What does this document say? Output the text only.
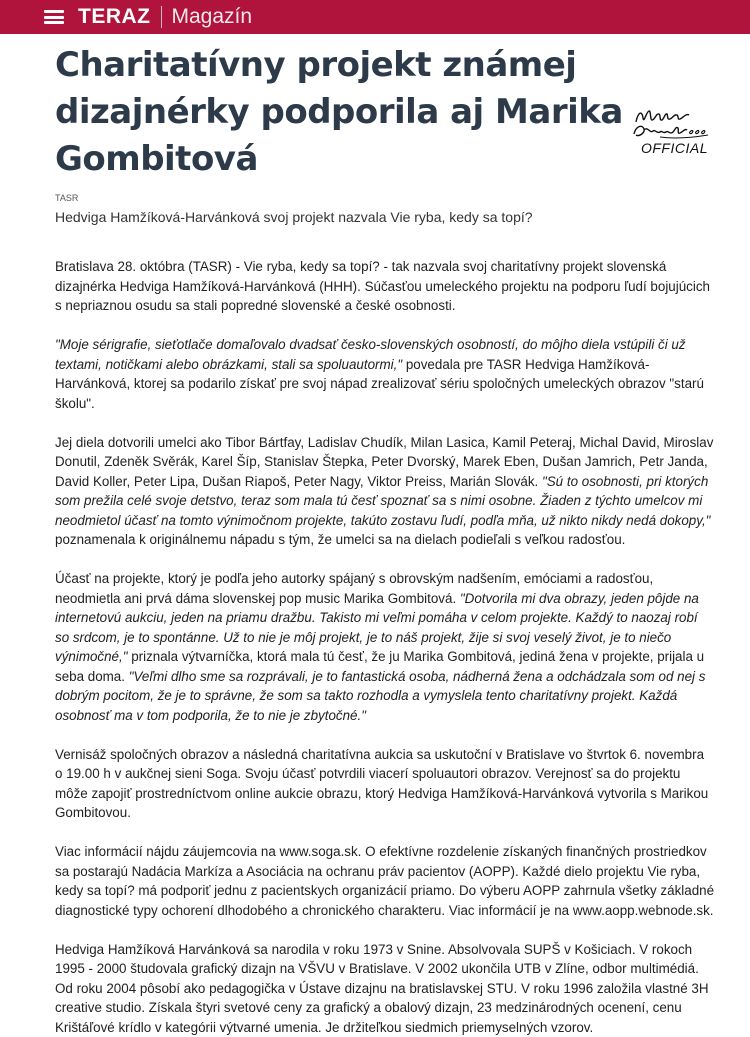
TERAZ Magazín
Charitatívny projekt známej dizajnérky podporila aj Marika Gombitová	OFFICIAL
TASR
Hedviga Hamžíková-Harvánková svoj projekt nazvala Vie ryba, kedy sa topí?

Bratislava 28. októbra (TASR) - Vie ryba, kedy sa topí? - tak nazvala svoj charitatívny projekt slovenská dizajnérka Hedviga Hamžíková-Harvánková (HHH). Súčasťou umeleckého projektu na podporu ľudí bojujúcich s nepriaznou osudu sa stali popredné slovenské a české osobnosti.

"Moje sérigrafie, sieťotlače domaľovalo dvadsať česko-slovenských osobností, do môjho diela vstúpili či už textami, notičkami alebo obrázkami, stali sa spoluautormi," povedala pre TASR Hedviga Hamžíková-Harvánková, ktorej sa podarilo získať pre svoj nápad zrealizovať sériu spoločných umeleckých obrazov "starú školu".

Jej diela dotvorili umelci ako Tibor Bártfay, Ladislav Chudík, Milan Lasica, Kamil Peteraj, Michal David, Miroslav Donutil, Zdeněk Svěrák, Karel Šíp, Stanislav Štepka, Peter Dvorský, Marek Eben, Dušan Jamrich, Petr Janda, David Koller, Peter Lipa, Dušan Riapoš, Peter Nagy, Viktor Preiss, Marián Slovák. "Sú to osobnosti, pri ktorých som prežila celé svoje detstvo, teraz som mala tú česť spoznať sa s nimi osobne. Žiaden z týchto umelcov mi neodmietol účasť na tomto výnimočnom projekte, takúto zostavu ľudí, podľa mňa, už nikto nikdy nedá dokopy," poznamenala k originálnemu nápadu s tým, že umelci sa na dielach podieľali s veľkou radosťou.

Účasť na projekte, ktorý je podľa jeho autorky spájaný s obrovským nadšením, emóciami a radosťou, neodmietla ani prvá dáma slovenskej pop music Marika Gombitová. "Dotvorila mi dva obrazy, jeden pôjde na internetovú aukciu, jeden na priamu dražbu. Takisto mi veľmi pomáha v celom projekte. Každý to naozaj robí so srdcom, je to spontánne. Už to nie je môj projekt, je to náš projekt, žije si svoj veselý život, je to niečo výnimočné," priznala výtvarníčka, ktorá mala tú česť, že ju Marika Gombitová, jediná žena v projekte, prijala u seba doma. "Veľmi dlho sme sa rozprávali, je to fantastická osoba, nádherná žena a odchádzala som od nej s dobrým pocitom, že je to správne, že som sa takto rozhodla a vymyslela tento charitatívny projekt. Každá osobnosť ma v tom podporila, že to nie je zbytočné."

Vernisáž spoločných obrazov a následná charitatívna aukcia sa uskutoční v Bratislave vo štvrtok 6. novembra o 19.00 h v aukčnej sieni Soga. Svoju účasť potvrdili viacerí spoluautori obrazov. Verejnosť sa do projektu môže zapojiť prostredníctvom online aukcie obrazu, ktorý Hedviga Hamžíková-Harvánková vytvorila s Marikou Gombitovou.

Viac informácií nájdu záujemcovia na www.soga.sk. O efektívne rozdelenie získaných finančných prostriedkov sa postarajú Nadácia Markíza a Asociácia na ochranu práv pacientov (AOPP). Každé dielo projektu Vie ryba, kedy sa topí? má podporiť jednu z pacientskych organizácií priamo. Do výberu AOPP zahrnula všetky základné diagnostické typy ochorení dlhodobého a chronického charakteru. Viac informácií je na www.aopp.webnode.sk.

Hedviga Hamžíková Harvánková sa narodila v roku 1973 v Snine. Absolvovala SUPŠ v Košiciach. V rokoch 1995 - 2000 študovala grafický dizajn na VŠVU v Bratislave. V 2002 ukončila UTB v Zlíne, odbor multimédiá. Od roku 2004 pôsobí ako pedagogička v Ústave dizajnu na bratislavskej STU. V roku 1996 založila vlastné 3H creative studio. Získala štyri svetové ceny za grafický a obalový dizajn, 23 medzinárodných ocenení, cenu Krištáľové krídlo v kategórii výtvarné umenia. Je držiteľkou siedmich priemyselných vzorov.
